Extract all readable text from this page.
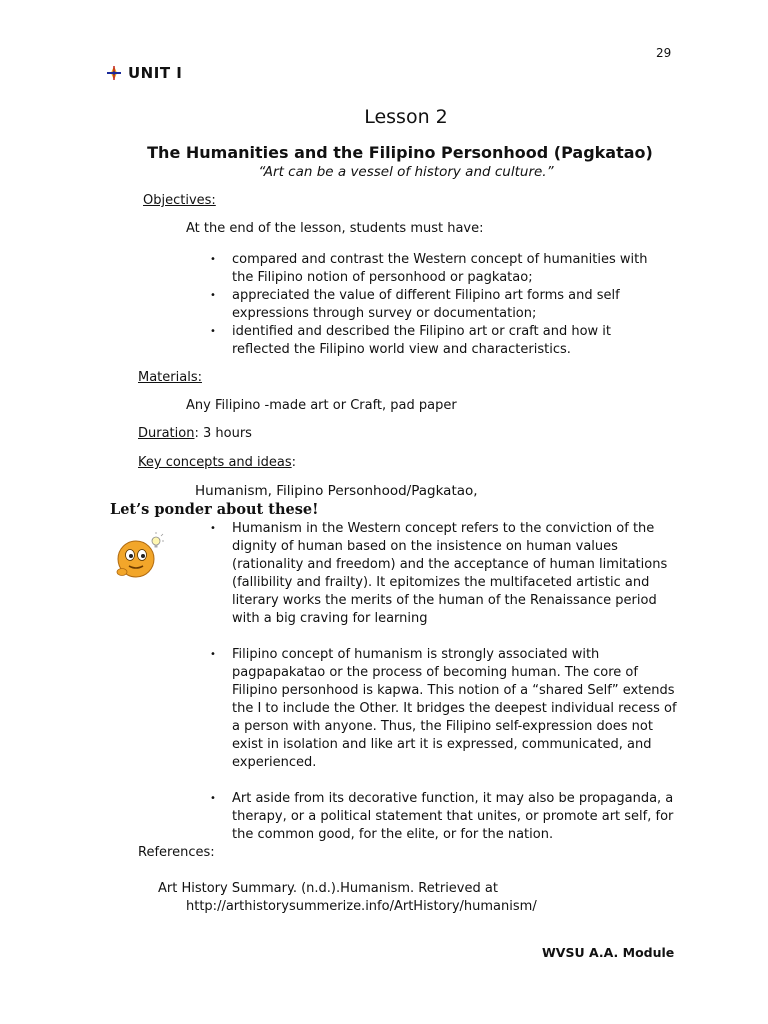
29
UNIT I
Lesson 2
The Humanities and the Filipino Personhood (Pagkatao)
“Art can be a vessel of history and culture.”
Objectives:
At the end of the lesson, students must have:
• compared and contrast the Western concept of humanities with the Filipino notion of personhood or pagkatao;
• appreciated the value of different Filipino art forms and self expressions through survey or documentation;
• identified and described the Filipino art or craft and how it reflected the Filipino world view and characteristics.
Materials:
Any Filipino -made art or Craft, pad paper
Duration: 3 hours
Key concepts and ideas:
Humanism, Filipino Personhood/Pagkatao,
Let’s ponder about these!
• Humanism in the Western concept refers to the conviction of the dignity of human based on the insistence on human values (rationality and freedom) and the acceptance of human limitations (fallibility and frailty). It epitomizes the multifaceted artistic and literary works the merits of the human of the Renaissance period with a big craving for learning
• Filipino concept of humanism is strongly associated with pagpapakatao or the process of becoming human. The core of Filipino personhood is kapwa. This notion of a “shared Self” extends the I to include the Other. It bridges the deepest individual recess of a person with anyone. Thus, the Filipino self-expression does not exist in isolation and like art it is expressed, communicated, and experienced.
• Art aside from its decorative function, it may also be propaganda, a therapy, or a political statement that unites, or promote art self, for the common good, for the elite, or for the nation.
References:
Art History Summary. (n.d.).Humanism. Retrieved at
http://arthistorysummerize.info/ArtHistory/humanism/
WVSU A.A. Module
